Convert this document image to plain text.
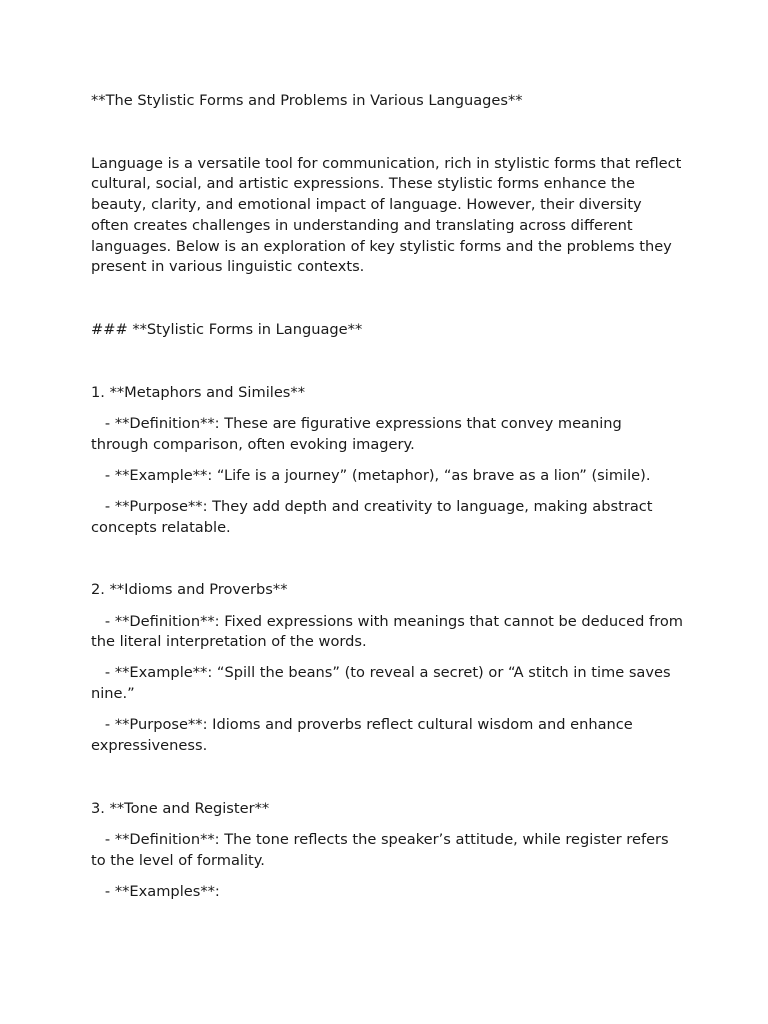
**The Stylistic Forms and Problems in Various Languages**

Language is a versatile tool for communication, rich in stylistic forms that reflect cultural, social, and artistic expressions. These stylistic forms enhance the beauty, clarity, and emotional impact of language. However, their diversity often creates challenges in understanding and translating across different languages. Below is an exploration of key stylistic forms and the problems they present in various linguistic contexts.

### **Stylistic Forms in Language**

1. **Metaphors and Similes**

- **Definition**: These are figurative expressions that convey meaning through comparison, often evoking imagery.

- **Example**: “Life is a journey” (metaphor), “as brave as a lion” (simile).

- **Purpose**: They add depth and creativity to language, making abstract concepts relatable.

2. **Idioms and Proverbs**

- **Definition**: Fixed expressions with meanings that cannot be deduced from the literal interpretation of the words.

- **Example**: “Spill the beans” (to reveal a secret) or “A stitch in time saves nine.”

- **Purpose**: Idioms and proverbs reflect cultural wisdom and enhance expressiveness.

3. **Tone and Register**

- **Definition**: The tone reflects the speaker’s attitude, while register refers to the level of formality.

- **Examples**:
